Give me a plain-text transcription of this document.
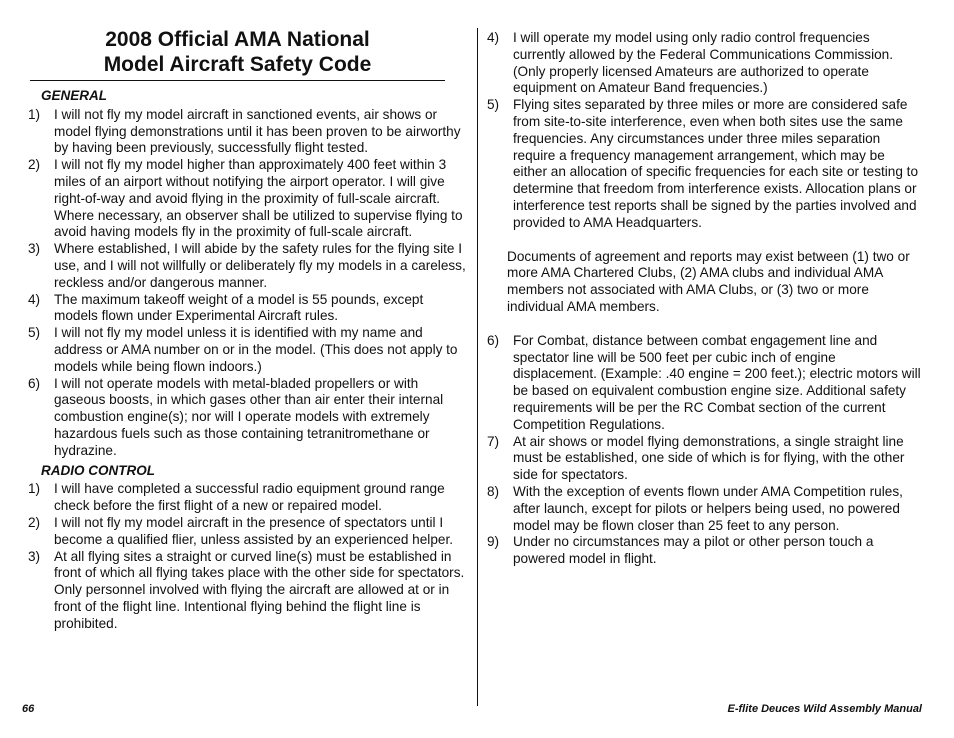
2008 Official AMA National
Model Aircraft Safety Code
GENERAL
1) I will not fly my model aircraft in sanctioned events, air shows or model flying demonstrations until it has been proven to be airworthy by having been previously, successfully flight tested.
2) I will not fly my model higher than approximately 400 feet within 3 miles of an airport without notifying the airport operator. I will give right-of-way and avoid flying in the proximity of full-scale aircraft. Where necessary, an observer shall be utilized to supervise flying to avoid having models fly in the proximity of full-scale aircraft.
3) Where established, I will abide by the safety rules for the flying site I use, and I will not willfully or deliberately fly my models in a careless, reckless and/or dangerous manner.
4) The maximum takeoff weight of a model is 55 pounds, except models flown under Experimental Aircraft rules.
5) I will not fly my model unless it is identified with my name and address or AMA number on or in the model. (This does not apply to models while being flown indoors.)
6) I will not operate models with metal-bladed propellers or with gaseous boosts, in which gases other than air enter their internal combustion engine(s); nor will I operate models with extremely hazardous fuels such as those containing tetranitromethane or hydrazine.
RADIO CONTROL
1) I will have completed a successful radio equipment ground range check before the first flight of a new or repaired model.
2) I will not fly my model aircraft in the presence of spectators until I become a qualified flier, unless assisted by an experienced helper.
3) At all flying sites a straight or curved line(s) must be established in front of which all flying takes place with the other side for spectators. Only personnel involved with flying the aircraft are allowed at or in front of the flight line. Intentional flying behind the flight line is prohibited.
4) I will operate my model using only radio control frequencies currently allowed by the Federal Communications Commission. (Only properly licensed Amateurs are authorized to operate equipment on Amateur Band frequencies.)
5) Flying sites separated by three miles or more are considered safe from site-to-site interference, even when both sites use the same frequencies. Any circumstances under three miles separation require a frequency management arrangement, which may be either an allocation of specific frequencies for each site or testing to determine that freedom from interference exists. Allocation plans or interference test reports shall be signed by the parties involved and provided to AMA Headquarters.

Documents of agreement and reports may exist between (1) two or more AMA Chartered Clubs, (2) AMA clubs and individual AMA members not associated with AMA Clubs, or (3) two or more individual AMA members.

6) For Combat, distance between combat engagement line and spectator line will be 500 feet per cubic inch of engine displacement. (Example: .40 engine = 200 feet.); electric motors will be based on equivalent combustion engine size. Additional safety requirements will be per the RC Combat section of the current Competition Regulations.
7) At air shows or model flying demonstrations, a single straight line must be established, one side of which is for flying, with the other side for spectators.
8) With the exception of events flown under AMA Competition rules, after launch, except for pilots or helpers being used, no powered model may be flown closer than 25 feet to any person.
9) Under no circumstances may a pilot or other person touch a powered model in flight.
66	E-flite Deuces Wild Assembly Manual
